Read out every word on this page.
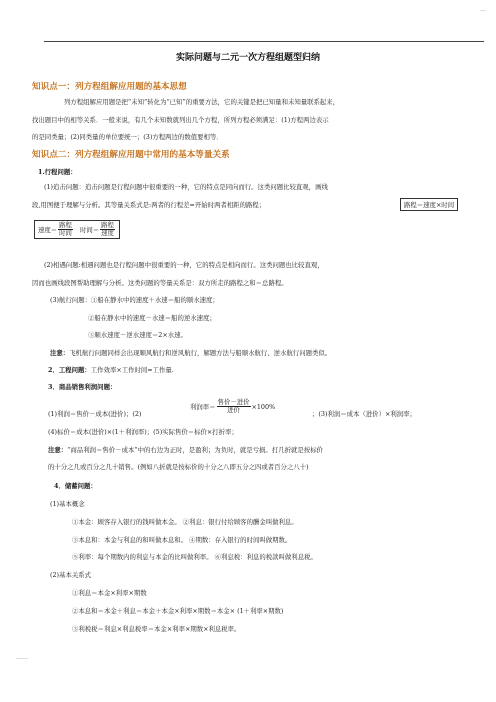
…
实际问题与二元一次方程组题型归纳
知识点一：列方程组解应用题的基本思想
列方程组解应用题是把“未知”转化为“已知”的重要方法，它的关键是把已知量和未知量联系起来，
找出题目中的相等关系．一般来说，有几个未知数就列出几个方程，所列方程必须满足：(1)方程两边表示
的是同类量；(2)同类量的单位要统一；(3)方程两边的数值要相等．
知识点二：列方程组解应用题中常用的基本等量关系
1.行程问题：
(1)追击问题：追击问题是行程问题中很重要的一种，它的特点是同向而行。这类问题比较直观，画线
段,用图便于理解与分析。其等量关系式是:两者的行程差=开始时两者相距的路程；	路程＝速度×时间
速度＝ $\frac{\text{路程}}{\text{时间}}$ 时间＝ $\frac{\text{路程}}{\text{速度}}$
(2)相遇问题:相遇问题也是行程问题中很重要的一种，它的特点是相向而行。这类问题也比较直观，
因而也画线段图帮助理解与分析。这类问题的等量关系是：双方所走的路程之和＝总路程。
(3)航行问题：①船在静水中的速度＋水速＝船的顺水速度；
②船在静水中的速度－水速＝船的逆水速度；
③顺水速度－逆水速度＝2×水速。
注意：飞机航行问题同样会出现顺风航行和逆风航行，解题方法与船顺水航行、逆水航行问题类似。
2．工程问题：工作效率×工作时间=工作量.
3．商品销售利润问题：
(1)利润＝售价－成本(进价)；(2)
利润率＝ $\frac{\text{售价－进价}}{\text{进价}} \times 100\%$
；(3)利润＝成本（进价）×利润率；
(4)标价＝成本(进价)×(1＋利润率)；(5)实际售价＝标价×打折率；
注意：“商品利润＝售价－成本”中的右边为正时，是盈利；为负时，就是亏损。打几折就是按标价
的十分之几或百分之几十销售。(例如八折就是按标价的十分之八即五分之四或者百分之八十)
4．储蓄问题：
(1)基本概念
①本金：顾客存入银行的钱叫做本金。 ②利息：银行付给顾客的酬金叫做利息。
③本息和：本金与利息的和叫做本息和。 ④期数：存入银行的时间叫做期数。
⑤利率：每个期数内的利息与本金的比叫做利率。 ⑥利息税：利息的税款叫做利息税。
(2)基本关系式
①利息＝本金×利率×期数
②本息和＝本金＋利息＝本金＋本金×利率×期数＝本金× (1＋利率×期数)
③利税税＝利息×利息税率＝本金×利率×期数×利息税率。
……
